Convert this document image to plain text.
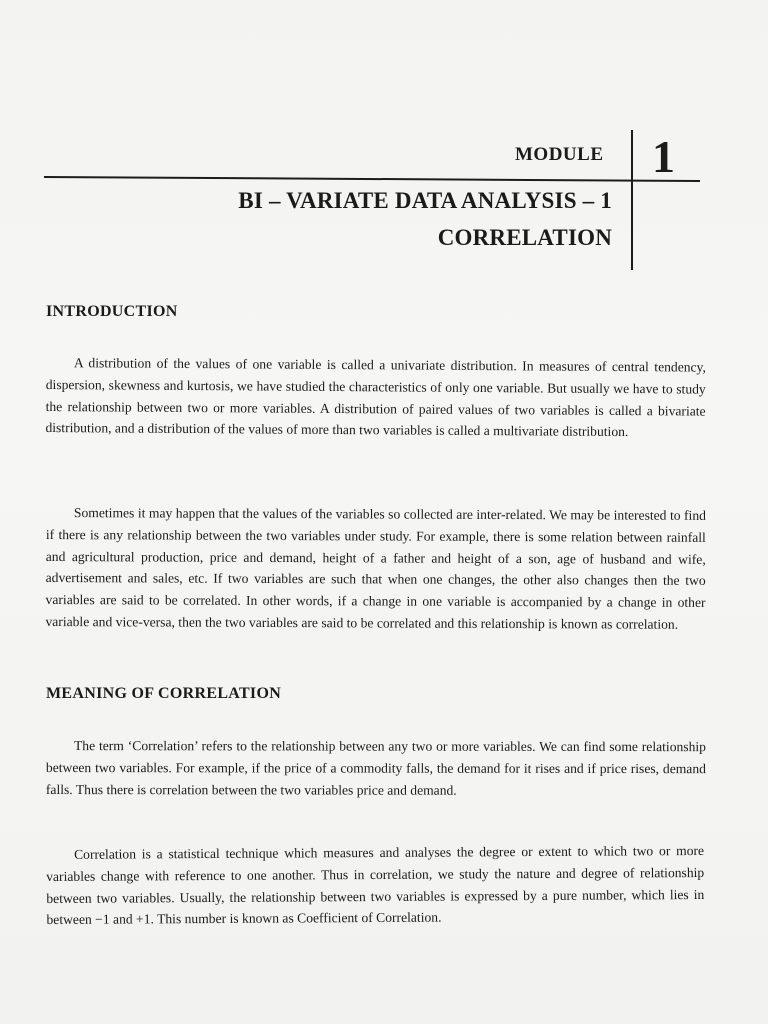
MODULE 1
BI – VARIATE DATA ANALYSIS – 1
CORRELATION
INTRODUCTION

A distribution of the values of one variable is called a univariate distribution. In measures of central tendency, dispersion, skewness and kurtosis, we have studied the characteristics of only one variable. But usually we have to study the relationship between two or more variables. A distribution of paired values of two variables is called a bivariate distribution, and a distribution of the values of more than two variables is called a multivariate distribution.

Sometimes it may happen that the values of the variables so collected are inter-related. We may be interested to find if there is any relationship between the two variables under study. For example, there is some relation between rainfall and agricultural production, price and demand, height of a father and height of a son, age of husband and wife, advertisement and sales, etc. If two variables are such that when one changes, the other also changes then the two variables are said to be correlated. In other words, if a change in one variable is accompanied by a change in other variable and vice-versa, then the two variables are said to be correlated and this relationship is known as correlation.

MEANING OF CORRELATION

The term ‘Correlation’ refers to the relationship between any two or more variables. We can find some relationship between two variables. For example, if the price of a commodity falls, the demand for it rises and if price rises, demand falls. Thus there is correlation between the two variables price and demand.

Correlation is a statistical technique which measures and analyses the degree or extent to which two or more variables change with reference to one another. Thus in correlation, we study the nature and degree of relationship between two variables. Usually, the relationship between two variables is expressed by a pure number, which lies in between −1 and +1. This number is known as Coefficient of Correlation.
